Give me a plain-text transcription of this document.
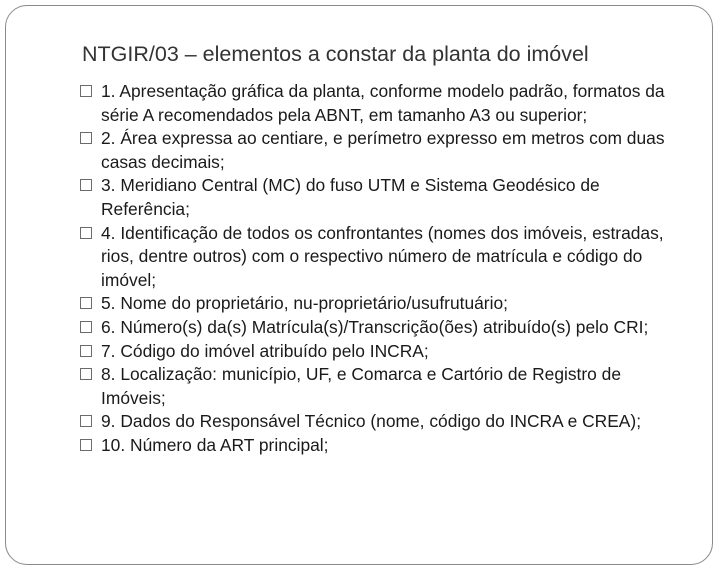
NTGIR/03 – elementos a constar da planta do imóvel
1. Apresentação gráfica da planta, conforme modelo padrão, formatos da série A recomendados pela ABNT, em tamanho A3 ou superior;
2. Área expressa ao centiare, e perímetro expresso em metros com duas casas decimais;
3. Meridiano Central (MC) do fuso UTM e Sistema Geodésico de Referência;
4. Identificação de todos os confrontantes (nomes dos imóveis, estradas, rios, dentre outros) com o respectivo número de matrícula e código do imóvel;
5. Nome do proprietário, nu-proprietário/usufrutuário;
6. Número(s) da(s) Matrícula(s)/Transcrição(ões) atribuído(s) pelo CRI;
7. Código do imóvel atribuído pelo INCRA;
8. Localização: município, UF, e Comarca e Cartório de Registro de Imóveis;
9. Dados do Responsável Técnico (nome, código do INCRA e CREA);
10. Número da ART principal;
